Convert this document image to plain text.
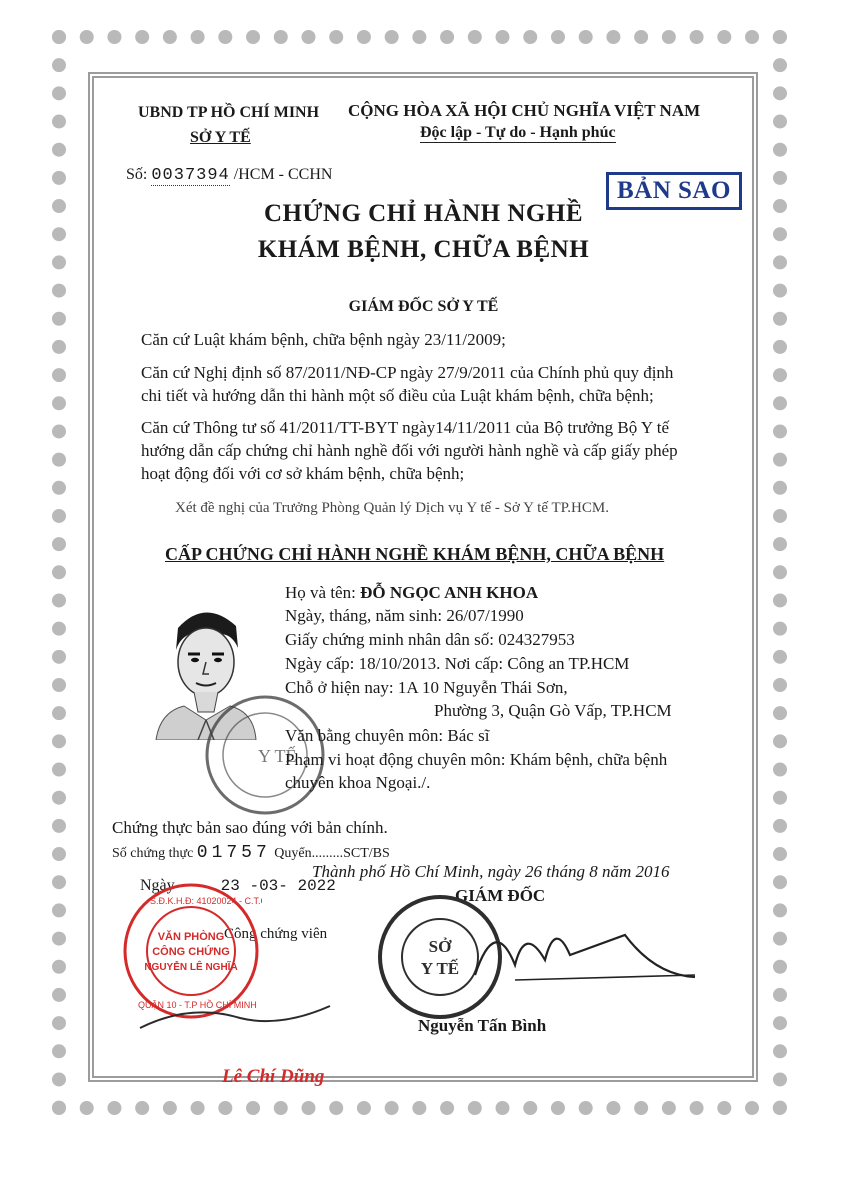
UBND TP HỒ CHÍ MINH
SỞ Y TẾ
CỘNG HÒA XÃ HỘI CHỦ NGHĨA VIỆT NAM
Độc lập - Tự do - Hạnh phúc
Số: 0037394 /HCM - CCHN
BẢN SAO
CHỨNG CHỈ HÀNH NGHỀ
KHÁM BỆNH, CHỮA BỆNH
GIÁM ĐỐC SỞ Y TẾ
Căn cứ Luật khám bệnh, chữa bệnh ngày 23/11/2009;
Căn cứ Nghị định số 87/2011/NĐ-CP ngày 27/9/2011 của Chính phủ quy định
chi tiết và hướng dẫn thi hành một số điều của Luật khám bệnh, chữa bệnh;
Căn cứ Thông tư số 41/2011/TT-BYT ngày14/11/2011 của Bộ trưởng Bộ Y tế
hướng dẫn cấp chứng chỉ hành nghề đối với người hành nghề và cấp giấy phép
hoạt động đối với cơ sở khám bệnh, chữa bệnh;
Xét đề nghị của Trưởng Phòng Quản lý Dịch vụ Y tế - Sở Y tế TP.HCM.
CẤP CHỨNG CHỈ HÀNH NGHỀ KHÁM BỆNH, CHỮA BỆNH
Y TẾ
Họ và tên: ĐỖ NGỌC ANH KHOA
Ngày, tháng, năm sinh: 26/07/1990
Giấy chứng minh nhân dân số: 024327953
Ngày cấp: 18/10/2013. Nơi cấp: Công an TP.HCM
Chỗ ở hiện nay: 1A 10 Nguyễn Thái Sơn,
Phường 3, Quận Gò Vấp, TP.HCM
Văn bằng chuyên môn: Bác sĩ
Phạm vi hoạt động chuyên môn: Khám bệnh, chữa bệnh
chuyên khoa Ngoại./.
Chứng thực bản sao đúng với bản chính.
Số chứng thực 01757 Quyển.........SCT/BS
Ngày	23 -03- 2022
Công chứng viên
VĂN PHÒNG
CÔNG CHỨNG
NGUYỄN LÊ NGHĨA
S.Đ.K.H.Đ: 41020024 - C.T.C
QUẬN 10 - T.P HỒ CHÍ MINH
Lê Chí Dũng
Thành phố Hồ Chí Minh, ngày 26 tháng 8 năm 2016
GIÁM ĐỐC
SỞ
Y TẾ
Nguyễn Tấn Bình
